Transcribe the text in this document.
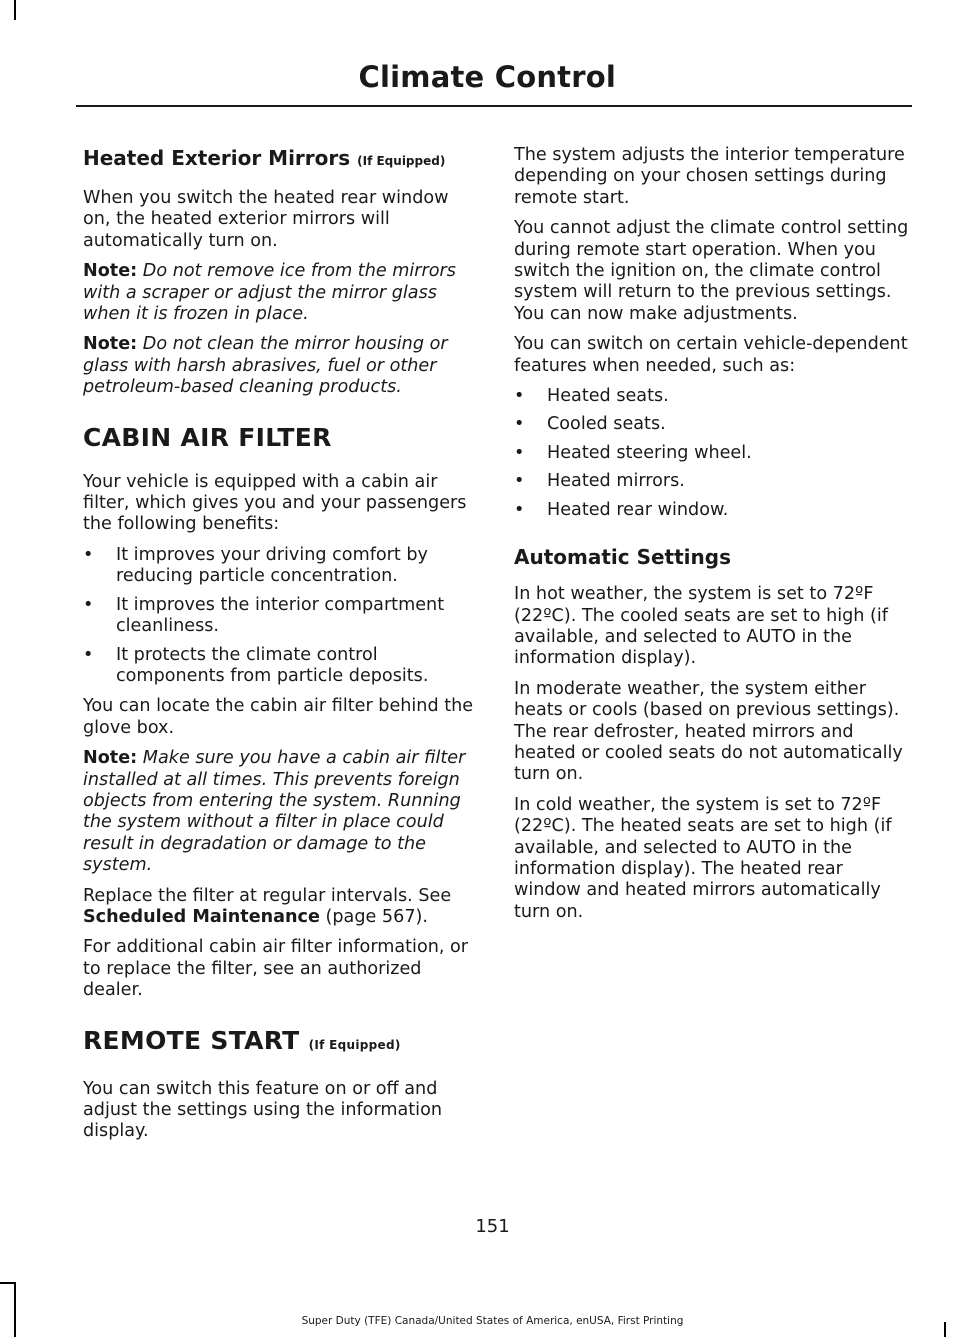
Climate Control
Heated Exterior Mirrors (If Equipped)

When you switch the heated rear window on, the heated exterior mirrors will automatically turn on.

Note: Do not remove ice from the mirrors with a scraper or adjust the mirror glass when it is frozen in place.

Note: Do not clean the mirror housing or glass with harsh abrasives, fuel or other petroleum-based cleaning products.

CABIN AIR FILTER

Your vehicle is equipped with a cabin air filter, which gives you and your passengers the following benefits:

• It improves your driving comfort by reducing particle concentration.
• It improves the interior compartment cleanliness.
• It protects the climate control components from particle deposits.

You can locate the cabin air filter behind the glove box.

Note: Make sure you have a cabin air filter installed at all times. This prevents foreign objects from entering the system. Running the system without a filter in place could result in degradation or damage to the system.

Replace the filter at regular intervals. See
Scheduled Maintenance (page 567).

For additional cabin air filter information, or to replace the filter, see an authorized dealer.

REMOTE START (If Equipped)

You can switch this feature on or off and adjust the settings using the information display.

The system adjusts the interior temperature depending on your chosen settings during remote start.

You cannot adjust the climate control setting during remote start operation. When you switch the ignition on, the climate control system will return to the previous settings. You can now make adjustments.

You can switch on certain vehicle-dependent features when needed, such as:

• Heated seats.
• Cooled seats.
• Heated steering wheel.
• Heated mirrors.
• Heated rear window.
Automatic Settings

In hot weather, the system is set to 72ºF (22ºC). The cooled seats are set to high (if available, and selected to AUTO in the information display).

In moderate weather, the system either heats or cools (based on previous settings). The rear defroster, heated mirrors and heated or cooled seats do not automatically turn on.

In cold weather, the system is set to 72ºF (22ºC). The heated seats are set to high (if available, and selected to AUTO in the information display). The heated rear window and heated mirrors automatically turn on.

151
Super Duty (TFE) Canada/United States of America, enUSA, First Printing
